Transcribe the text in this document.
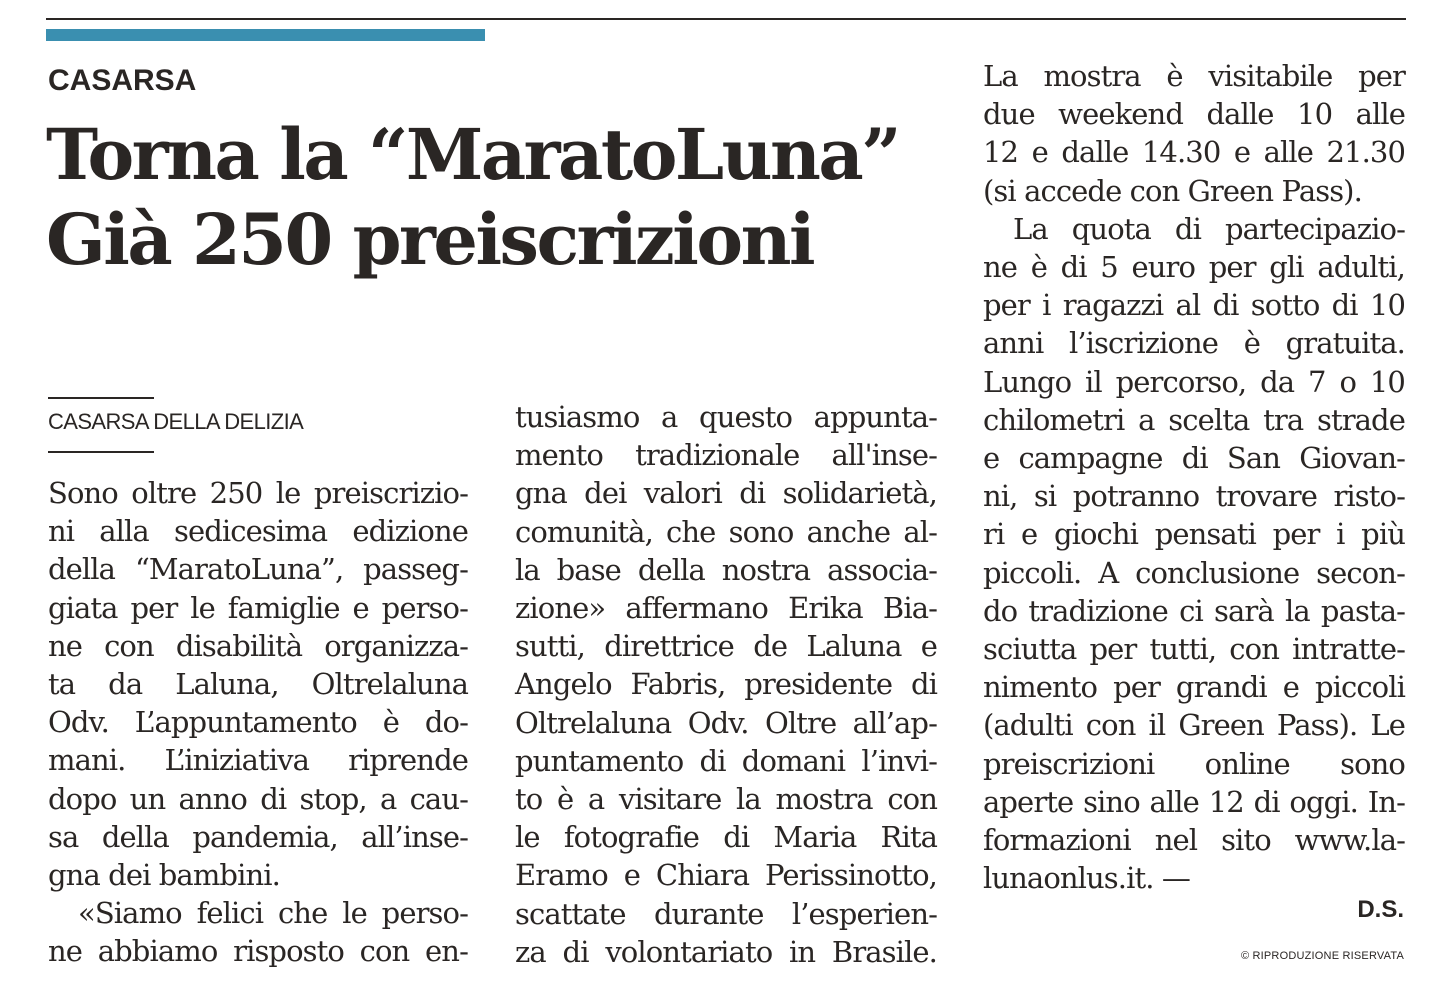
CASARSA
Torna la “MaratoLuna”
Già 250 preiscrizioni
CASARSA DELLA DELIZIA
Sono oltre 250 le preiscrizio-
ni alla sedicesima edizione
della “MaratoLuna”, passeg-
giata per le famiglie e perso-
ne con disabilità organizza-
ta da Laluna, Oltrelaluna
Odv. L’appuntamento è do-
mani. L’iniziativa riprende
dopo un anno di stop, a cau-
sa della pandemia, all’inse-
gna dei bambini.
«Siamo felici che le perso-
ne abbiamo risposto con en-
tusiasmo a questo appunta-
mento tradizionale all'inse-
gna dei valori di solidarietà,
comunità, che sono anche al-
la base della nostra associa-
zione» affermano Erika Bia-
sutti, direttrice de Laluna e
Angelo Fabris, presidente di
Oltrelaluna Odv. Oltre all’ap-
puntamento di domani l’invi-
to è a visitare la mostra con
le fotografie di Maria Rita
Eramo e Chiara Perissinotto,
scattate durante l’esperien-
za di volontariato in Brasile.
La mostra è visitabile per
due weekend dalle 10 alle
12 e dalle 14.30 e alle 21.30
(si accede con Green Pass).
La quota di partecipazio-
ne è di 5 euro per gli adulti,
per i ragazzi al di sotto di 10
anni l’iscrizione è gratuita.
Lungo il percorso, da 7 o 10
chilometri a scelta tra strade
e campagne di San Giovan-
ni, si potranno trovare risto-
ri e giochi pensati per i più
piccoli. A conclusione secon-
do tradizione ci sarà la pasta-
sciutta per tutti, con intratte-
nimento per grandi e piccoli
(adulti con il Green Pass). Le
preiscrizioni online sono
aperte sino alle 12 di oggi. In-
formazioni nel sito www.la-
lunaonlus.it. —
D.S.
© RIPRODUZIONE RISERVATA
